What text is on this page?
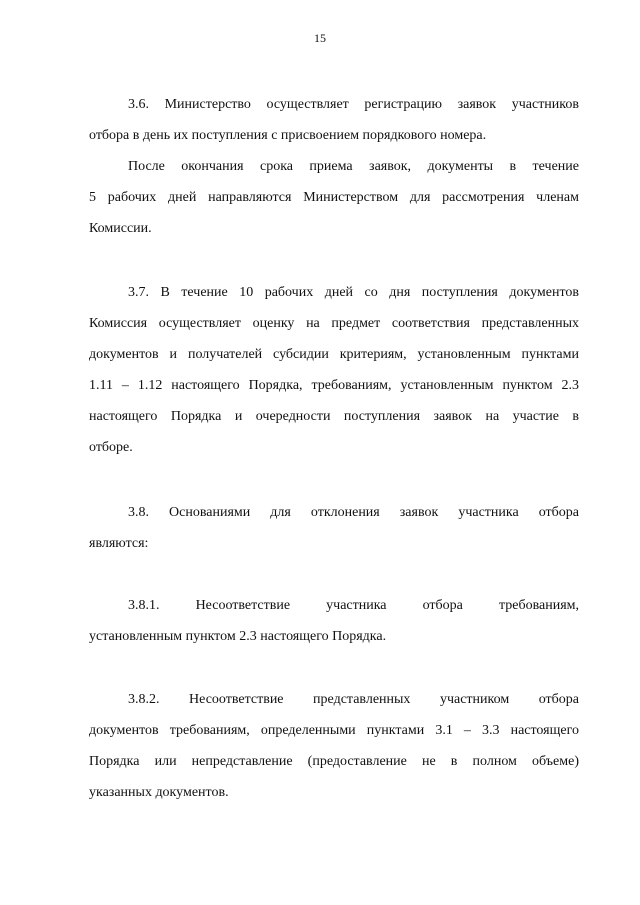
15
3.6. Министерство осуществляет регистрацию заявок участников
отбора в день их поступления с присвоением порядкового номера.
После окончания срока приема заявок, документы в течение
5 рабочих дней направляются Министерством для рассмотрения членам
Комиссии.
3.7. В течение 10 рабочих дней со дня поступления документов
Комиссия осуществляет оценку на предмет соответствия представленных
документов и получателей субсидии критериям, установленным пунктами
1.11 – 1.12 настоящего Порядка, требованиям, установленным пунктом 2.3
настоящего Порядка и очередности поступления заявок на участие в
отборе.
3.8. Основаниями для отклонения заявок участника отбора
являются:
3.8.1. Несоответствие участника отбора требованиям,
установленным пунктом 2.3 настоящего Порядка.
3.8.2. Несоответствие представленных участником отбора
документов требованиям, определенными пунктами 3.1 – 3.3 настоящего
Порядка или непредставление (предоставление не в полном объеме)
указанных документов.
